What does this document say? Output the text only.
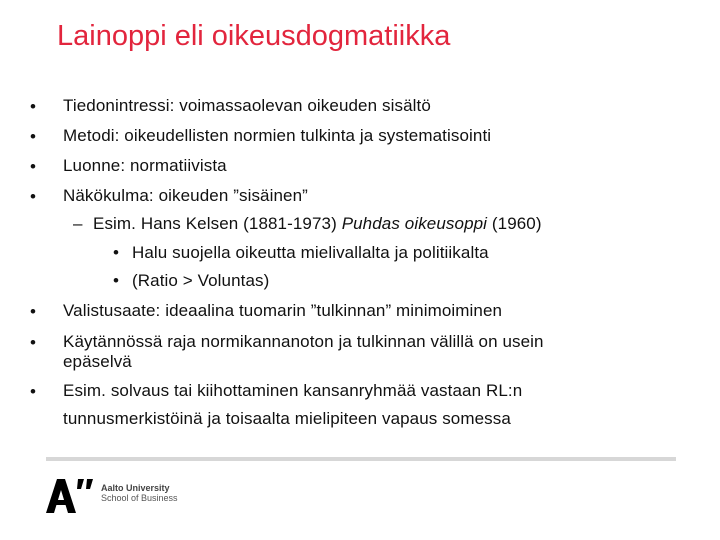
Lainoppi eli oikeusdogmatiikka
• Tiedonintressi: voimassaolevan oikeuden sisältö
• Metodi: oikeudellisten normien tulkinta ja systematisointi
• Luonne: normatiivista
• Näkökulma: oikeuden ”sisäinen”
– Esim. Hans Kelsen (1881-1973) Puhdas oikeusoppi (1960)
• Halu suojella oikeutta mielivallalta ja politiikalta
• (Ratio > Voluntas)
• Valistusaate: ideaalina tuomarin ”tulkinnan” minimoiminen
• Käytännössä raja normikannanoton ja tulkinnan välillä on usein
epäselvä
• Esim. solvaus tai kiihottaminen kansanryhmää vastaan RL:n
tunnusmerkistöinä ja toisaalta mielipiteen vapaus somessa
Aalto University
School of Business
